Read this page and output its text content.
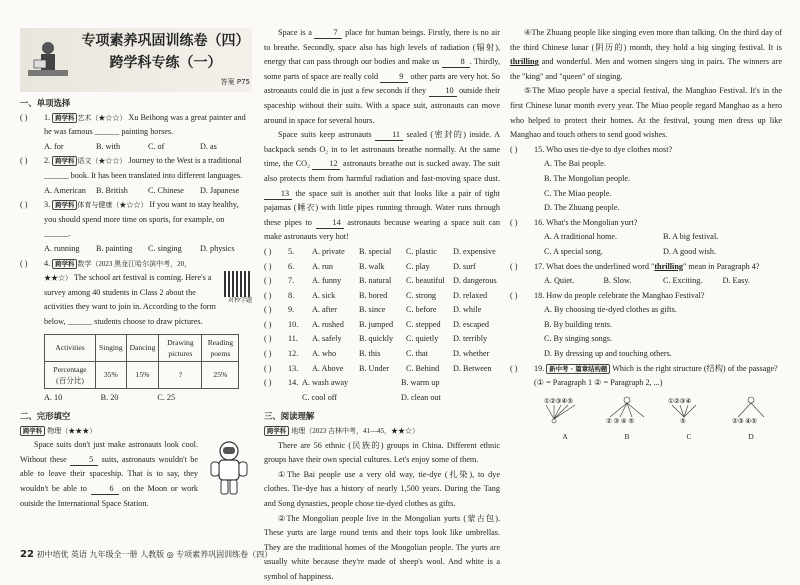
专项素养巩固训练卷（四）
跨学科专练（一）
答案 P75
一、单项选择
( ) 1. 跨学科 艺术（★☆☆） Xu Beihong was a great painter and he was famous ______ painting horses.
A. for	B. with	C. of	D. as
( ) 2. 跨学科 语文（★☆☆） Journey to the West is a traditional ______ book. It has been translated into different languages.
A. American	B. British	C. Chinese	D. Japanese
( ) 3. 跨学科 体育与健康（★☆☆） If you want to stay healthy, you should spend more time on sports, for example, on ______.
A. running	B. painting	C. singing	D. physics
( ) 4. 跨学科 数学（2023 黑龙江哈尔滨中考，20，★★☆） The school art festival is coming. Here's a survey among 40 students in Class 2 about the activities they want to join in. According to the form below, ______ students choose to draw pictures.
对秒学题
Activities	Singing	Dancing	Drawing pictures	Reading poems
Percentage (百分比)	35%	15%	?	25%
A. 10	B. 20	C. 25
二、完形填空
跨学科 物理（★★★）

Space suits don't just make astronauts look cool. Without these	5 suits, astronauts wouldn't be able to leave their spaceship. That is to say, they wouldn't be able to	6 on the Moon or work outside the International Space Station.

Space is a	7 place for human beings. Firstly, there is no air to breathe. Secondly, space also has high levels of radiation (辐射), energy that can pass through our bodies and make us	8 . Thirdly, some parts of space are really cold	9 other parts are very hot. So astronauts could die in just a few seconds if they 10 outside their spaceship without their suits. With a space suit, astronauts can move around in space for several hours.

Space suits keep astronauts	11 sealed (密封的) inside. A backpack sends O₂ in to let astronauts breathe normally. At the same time, the CO₂ 12 astronauts breathe out is sucked away. The suit also protects them from harmful radiation and fast-moving space dust. 13 the space suit is another suit that looks like a pair of tight pajamas (睡衣) with little pipes running through. Water runs through these pipes to	14 astronauts because wearing a space suit can make astronauts very hot!

( )	5.	A. private	B. special	C. plastic	D. expensive
( )	6.	A. run	B. walk	C. play	D. surf
( )	7.	A. funny	B. natural	C. beautiful	D. dangerous
( )	8.	A. sick	B. bored	C. strong	D. relaxed
( )	9.	A. after	B. since	C. before	D. while
( )	10.	A. rushed	B. jumped	C. stepped	D. escaped
( )	11.	A. safely	B. quickly	C. quietly	D. terribly
( )	12.	A. who	B. this	C. that	D. whether
( )	13.	A. Above	B. Under	C. Behind	D. Between
( ) 14. A. wash away	B. warm up
C. cool off	D. clean out
三、阅读理解
跨学科 地理（2023 吉林中考，41—45，★★☆）

There are 56 ethnic (民族的) groups in China. Different ethnic groups have their own special cultures. Let's enjoy some of them.

①The Bai people use a very old way, tie-dye (扎染), to dye clothes. Tie-dye has a history of nearly 1,500 years. During the Tang and Song dynasties, people chose tie-dyed clothes as gifts.

②The Mongolian people live in the Mongolian yurts (蒙古包). These yurts are large round tents and their tops look like umbrellas. They are the traditional homes of the Mongolian people. The yurts are usually white because they're made of sheep's wool. And white is a symbol of happiness.

④The Zhuang people like singing even more than talking. On the third day of the third Chinese lunar (阴历的) month, they hold a big singing festival. It is thrilling and wonderful. Men and women singers sing in pairs. The winners are the "king" and "queen" of singing.

⑤The Miao people have a special festival, the Manghao Festival. It's in the first Chinese lunar month every year. The Miao people regard Manghao as a hero who helped to protect their homes. At the festival, young men dress up like Manghao and touch others to send good wishes.

( ) 15. Who uses tie-dye to dye clothes most?
A. The Bai people.
B. The Mongolian people.
C. The Miao people.
D. The Zhuang people.
( ) 16. What's the Mongolian yurt?
A. A traditional home.	B. A big festival.
C. A special song.	D. A good wish.
( ) 17. What does the underlined word "thrilling" mean in Paragraph 4?
A. Quiet.	B. Slow.	C. Exciting.	D. Easy.
( ) 18. How do people celebrate the Manghao Festival?
A. By choosing tie-dyed clothes as gifts.
B. By building tents.
C. By singing songs.
D. By dressing up and touching others.
( ) 19. 新中考 · 篇章结构题 Which is the right structure (结构) of the passage? (① = Paragraph 1 ② = Paragraph 2, ...)
①②③④⑤
A
② ③ ④ ⑤
B
①②③④
⑤
C
②③ ④⑤
D
22 初中培优 英语 九年级全一册 人教版 ◎ 专项素养巩固训练卷（四）
